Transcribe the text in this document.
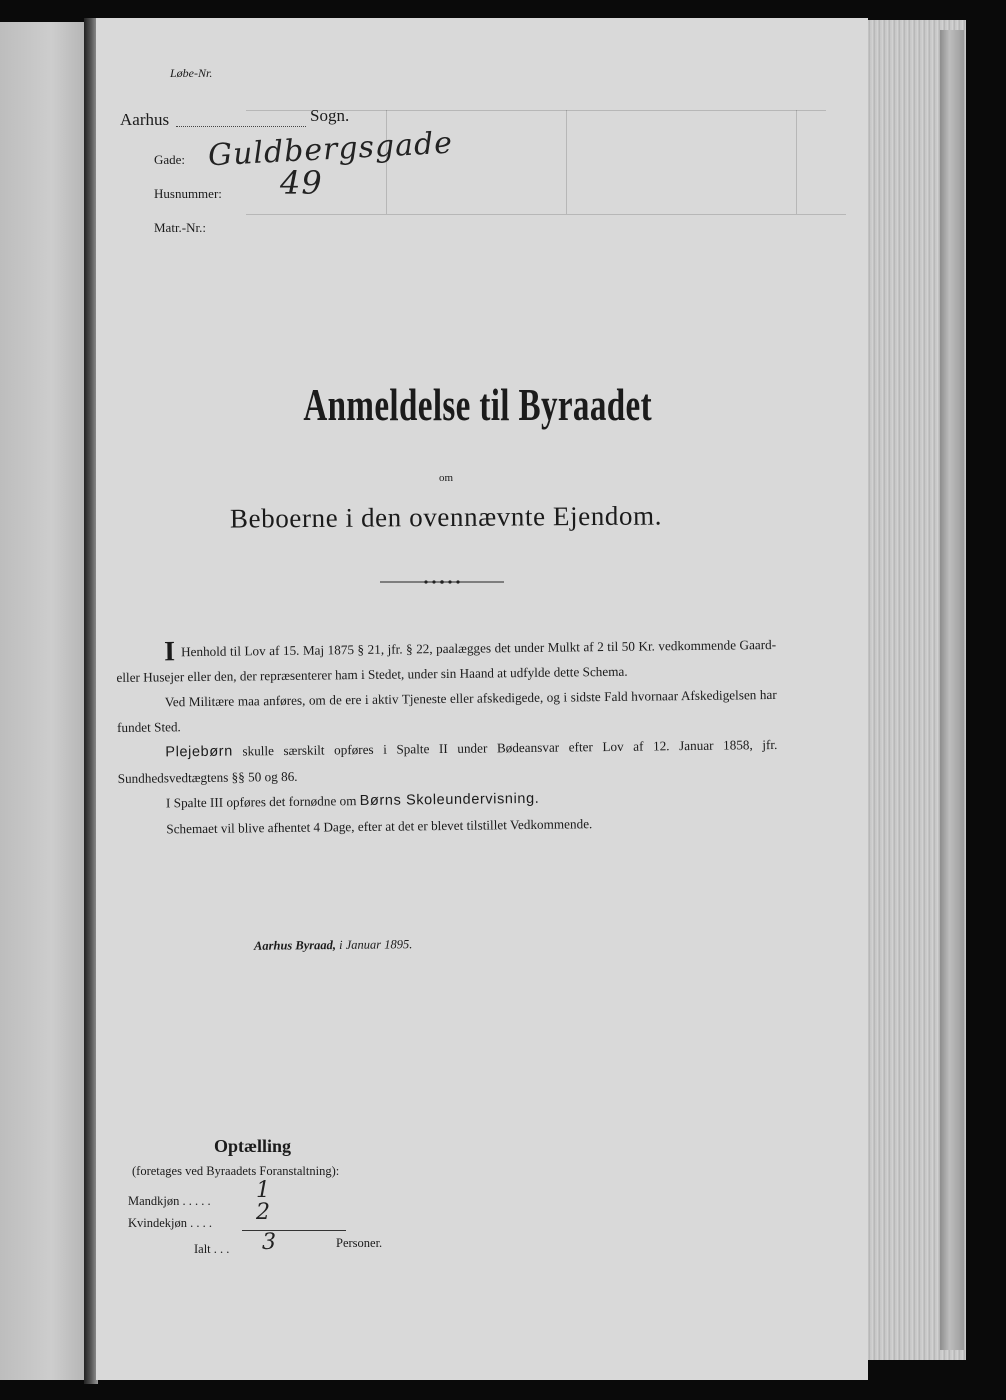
Løbe-Nr.
Aarhus	Sogn.
Gade: Guldbergsgade
Husnummer: 49
Matr.-Nr.:
Anmeldelse til Byraadet
om
Beboerne i den ovennævnte Ejendom.

I Henhold til Lov af 15. Maj 1875 § 21, jfr. § 22, paalægges det under Mulkt af 2 til 50 Kr. vedkommende Gaard- eller Husejer eller den, der repræsenterer ham i Stedet, under sin Haand at udfylde dette Schema.

Ved Militære maa anføres, om de ere i aktiv Tjeneste eller afskedigede, og i sidste Fald hvornaar Afskedigelsen har fundet Sted.

Plejebørn skulle særskilt opføres i Spalte II under Bødeansvar efter Lov af 12. Januar 1858, jfr. Sundhedsvedtægtens §§ 50 og 86.

I Spalte III opføres det fornødne om Børns Skoleundervisning.

Schemaet vil blive afhentet 4 Dage, efter at det er blevet tilstillet Vedkommende.

Aarhus Byraad, i Januar 1895.
Optælling
(foretages ved Byraadets Foranstaltning):
Mandkjøn . . . . . 1
Kvindekjøn . . . . 2
Ialt . . . 3	Personer.
